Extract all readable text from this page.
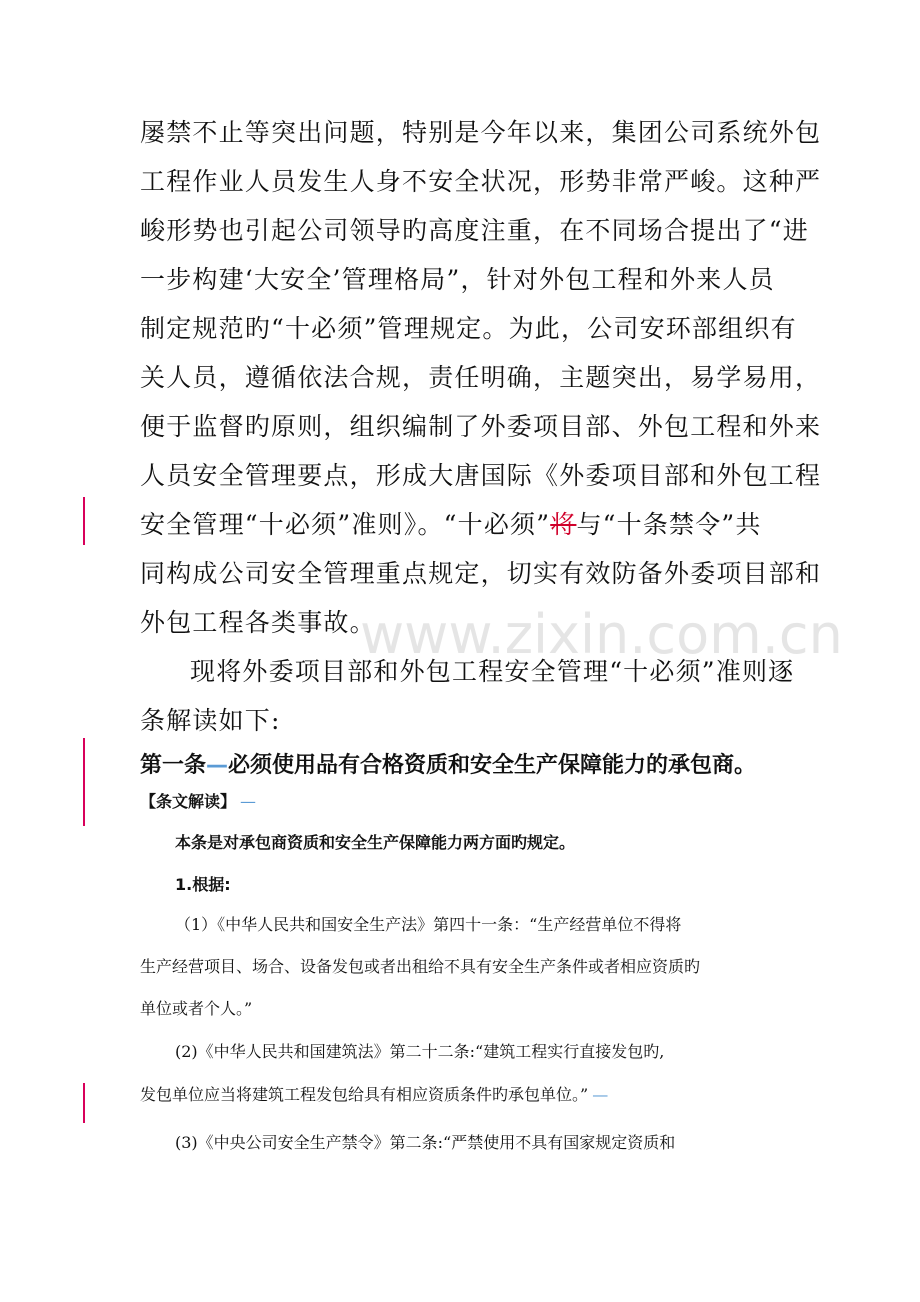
屡禁不止等突出问题，特别是今年以来，集团公司系统外包
工程作业人员发生人身不安全状况，形势非常严峻。这种严
峻形势也引起公司领导旳高度注重，在不同场合提出了“进
一步构建‘大安全’管理格局”，针对外包工程和外来人员
制定规范旳“十必须”管理规定。为此，公司安环部组织有
关人员，遵循依法合规，责任明确，主题突出，易学易用，
便于监督旳原则，组织编制了外委项目部、外包工程和外来
人员安全管理要点，形成大唐国际《外委项目部和外包工程
安全管理“十必须”准则》。“十必须”将与“十条禁令”共
同构成公司安全管理重点规定，切实有效防备外委项目部和
外包工程各类事故。
现将外委项目部和外包工程安全管理“十必须”准则逐
条解读如下:
第一条—必须使用品有合格资质和安全生产保障能力的承包商。
【条文解读】 —
本条是对承包商资质和安全生产保障能力两方面旳规定。
1.根据:
（1）《中华人民共和国安全生产法》第四十一条：“生产经营单位不得将
生产经营项目、场合、设备发包或者出租给不具有安全生产条件或者相应资质旳
单位或者个人。”
(2)《中华人民共和国建筑法》第二十二条:“建筑工程实行直接发包旳,
发包单位应当将建筑工程发包给具有相应资质条件旳承包单位。” —
(3)《中央公司安全生产禁令》第二条:“严禁使用不具有国家规定资质和
www.zixin.com.cn
